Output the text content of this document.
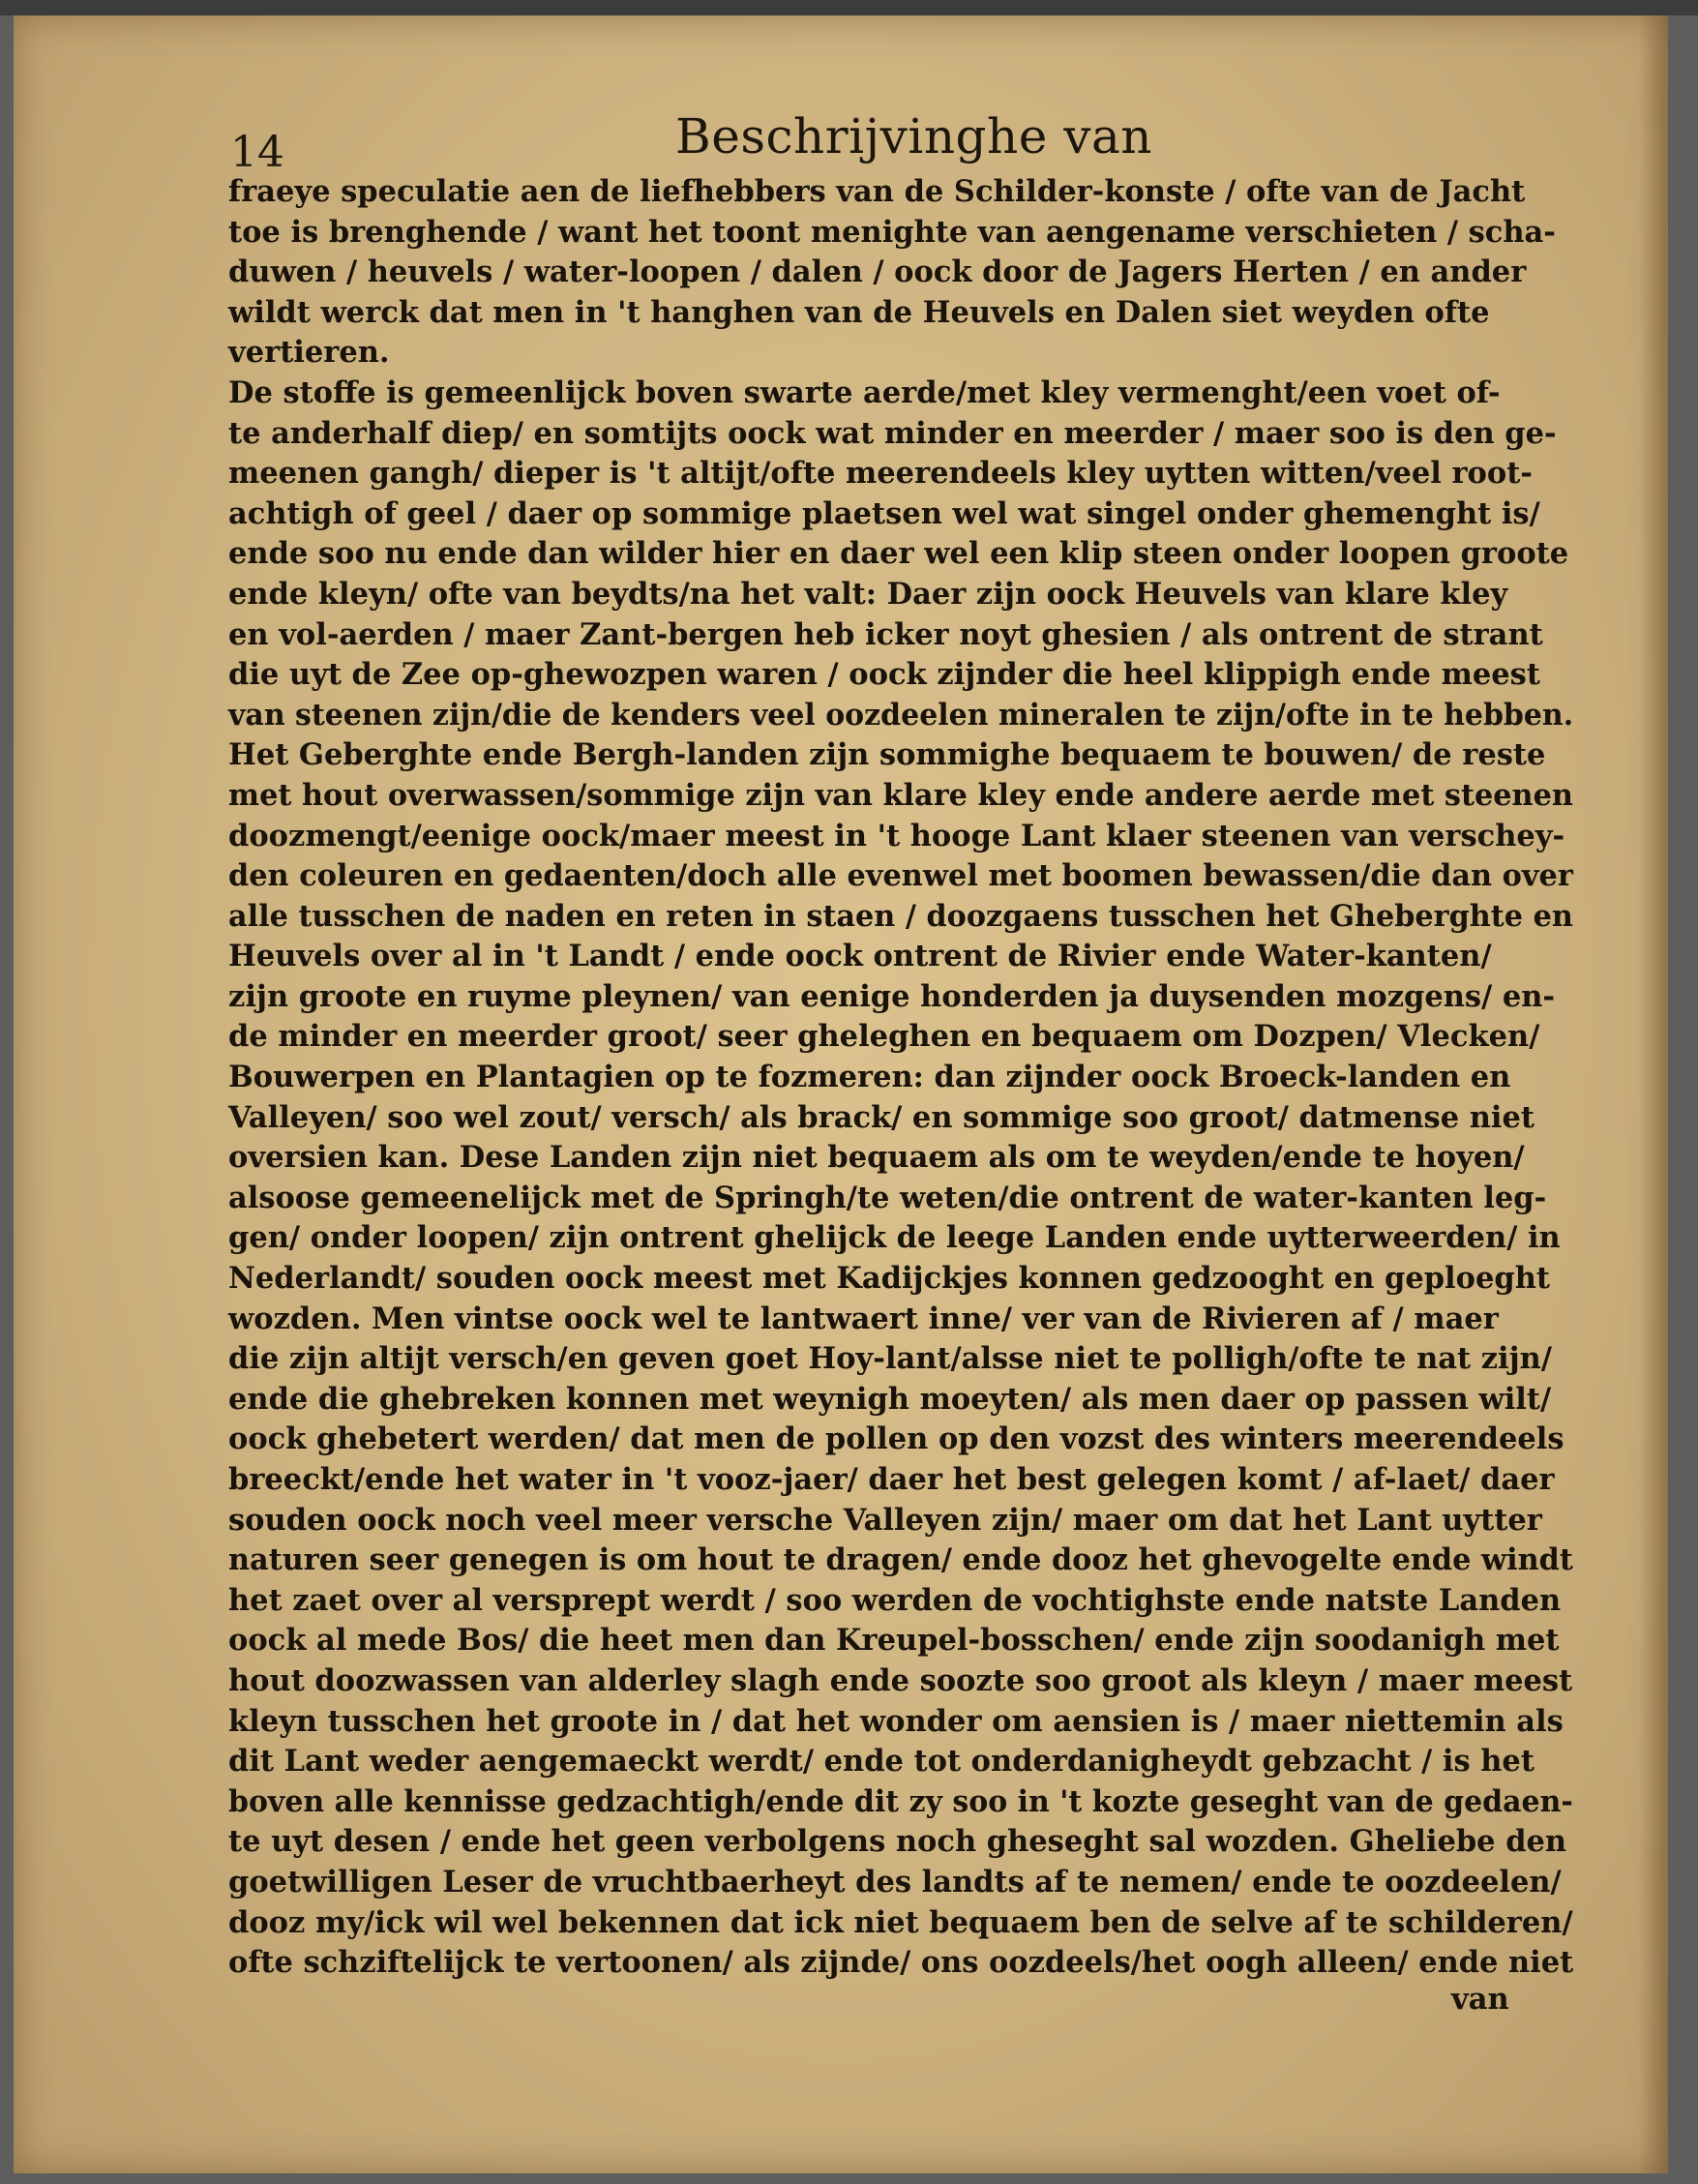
14	Beschrijvinghe van
fraeye speculatie aen de liefhebbers van de Schilder-konste / ofte van de Jacht
toe is brenghende / want het toont menighte van aengename verschieten / scha-
duwen / heuvels / water-loopen / dalen / oock door de Jagers Herten / en ander
wildt werck dat men in 't hanghen van de Heuvels en Dalen siet weyden ofte
vertieren.
De stoffe is gemeenlijck boven swarte aerde/met kley vermenght/een voet of-
te anderhalf diep/ en somtijts oock wat minder en meerder / maer soo is den ge-
meenen gangh/ dieper is 't altijt/ofte meerendeels kley uytten witten/veel root-
achtigh of geel / daer op sommige plaetsen wel wat singel onder ghemenght is/
ende soo nu ende dan wilder hier en daer wel een klip steen onder loopen groote
ende kleyn/ ofte van beydts/na het valt: Daer zijn oock Heuvels van klare kley
en vol-aerden / maer Zant-bergen heb icker noyt ghesien / als ontrent de strant
die uyt de Zee op-ghewozpen waren / oock zijnder die heel klippigh ende meest
van steenen zijn/die de kenders veel oozdeelen mineralen te zijn/ofte in te hebben.
Het Geberghte ende Bergh-landen zijn sommighe bequaem te bouwen/ de reste
met hout overwassen/sommige zijn van klare kley ende andere aerde met steenen
doozmengt/eenige oock/maer meest in 't hooge Lant klaer steenen van verschey-
den coleuren en gedaenten/doch alle evenwel met boomen bewassen/die dan over
alle tusschen de naden en reten in staen / doozgaens tusschen het Gheberghte en
Heuvels over al in 't Landt / ende oock ontrent de Rivier ende Water-kanten/
zijn groote en ruyme pleynen/ van eenige honderden ja duysenden mozgens/ en-
de minder en meerder groot/ seer gheleghen en bequaem om Dozpen/ Vlecken/
Bouwerpen en Plantagien op te fozmeren: dan zijnder oock Broeck-landen en
Valleyen/ soo wel zout/ versch/ als brack/ en sommige soo groot/ datmense niet
oversien kan. Dese Landen zijn niet bequaem als om te weyden/ende te hoyen/
alsoose gemeenelijck met de Springh/te weten/die ontrent de water-kanten leg-
gen/ onder loopen/ zijn ontrent ghelijck de leege Landen ende uytterweerden/ in
Nederlandt/ souden oock meest met Kadijckjes konnen gedzooght en geploeght
wozden. Men vintse oock wel te lantwaert inne/ ver van de Rivieren af / maer
die zijn altijt versch/en geven goet Hoy-lant/alsse niet te polligh/ofte te nat zijn/
ende die ghebreken konnen met weynigh moeyten/ als men daer op passen wilt/
oock ghebetert werden/ dat men de pollen op den vozst des winters meerendeels
breeckt/ende het water in 't vooz-jaer/ daer het best gelegen komt / af-laet/ daer
souden oock noch veel meer versche Valleyen zijn/ maer om dat het Lant uytter
naturen seer genegen is om hout te dragen/ ende dooz het ghevogelte ende windt
het zaet over al versprept werdt / soo werden de vochtighste ende natste Landen
oock al mede Bos/ die heet men dan Kreupel-bosschen/ ende zijn soodanigh met
hout doozwassen van alderley slagh ende soozte soo groot als kleyn / maer meest
kleyn tusschen het groote in / dat het wonder om aensien is / maer niettemin als
dit Lant weder aengemaeckt werdt/ ende tot onderdanigheydt gebzacht / is het
boven alle kennisse gedzachtigh/ende dit zy soo in 't kozte geseght van de gedaen-
te uyt desen / ende het geen verbolgens noch gheseght sal wozden. Gheliebe den
goetwilligen Leser de vruchtbaerheyt des landts af te nemen/ ende te oozdeelen/
dooz my/ick wil wel bekennen dat ick niet bequaem ben de selve af te schilderen/
ofte schziftelijck te vertoonen/ als zijnde/ ons oozdeels/het oogh alleen/ ende niet
van
